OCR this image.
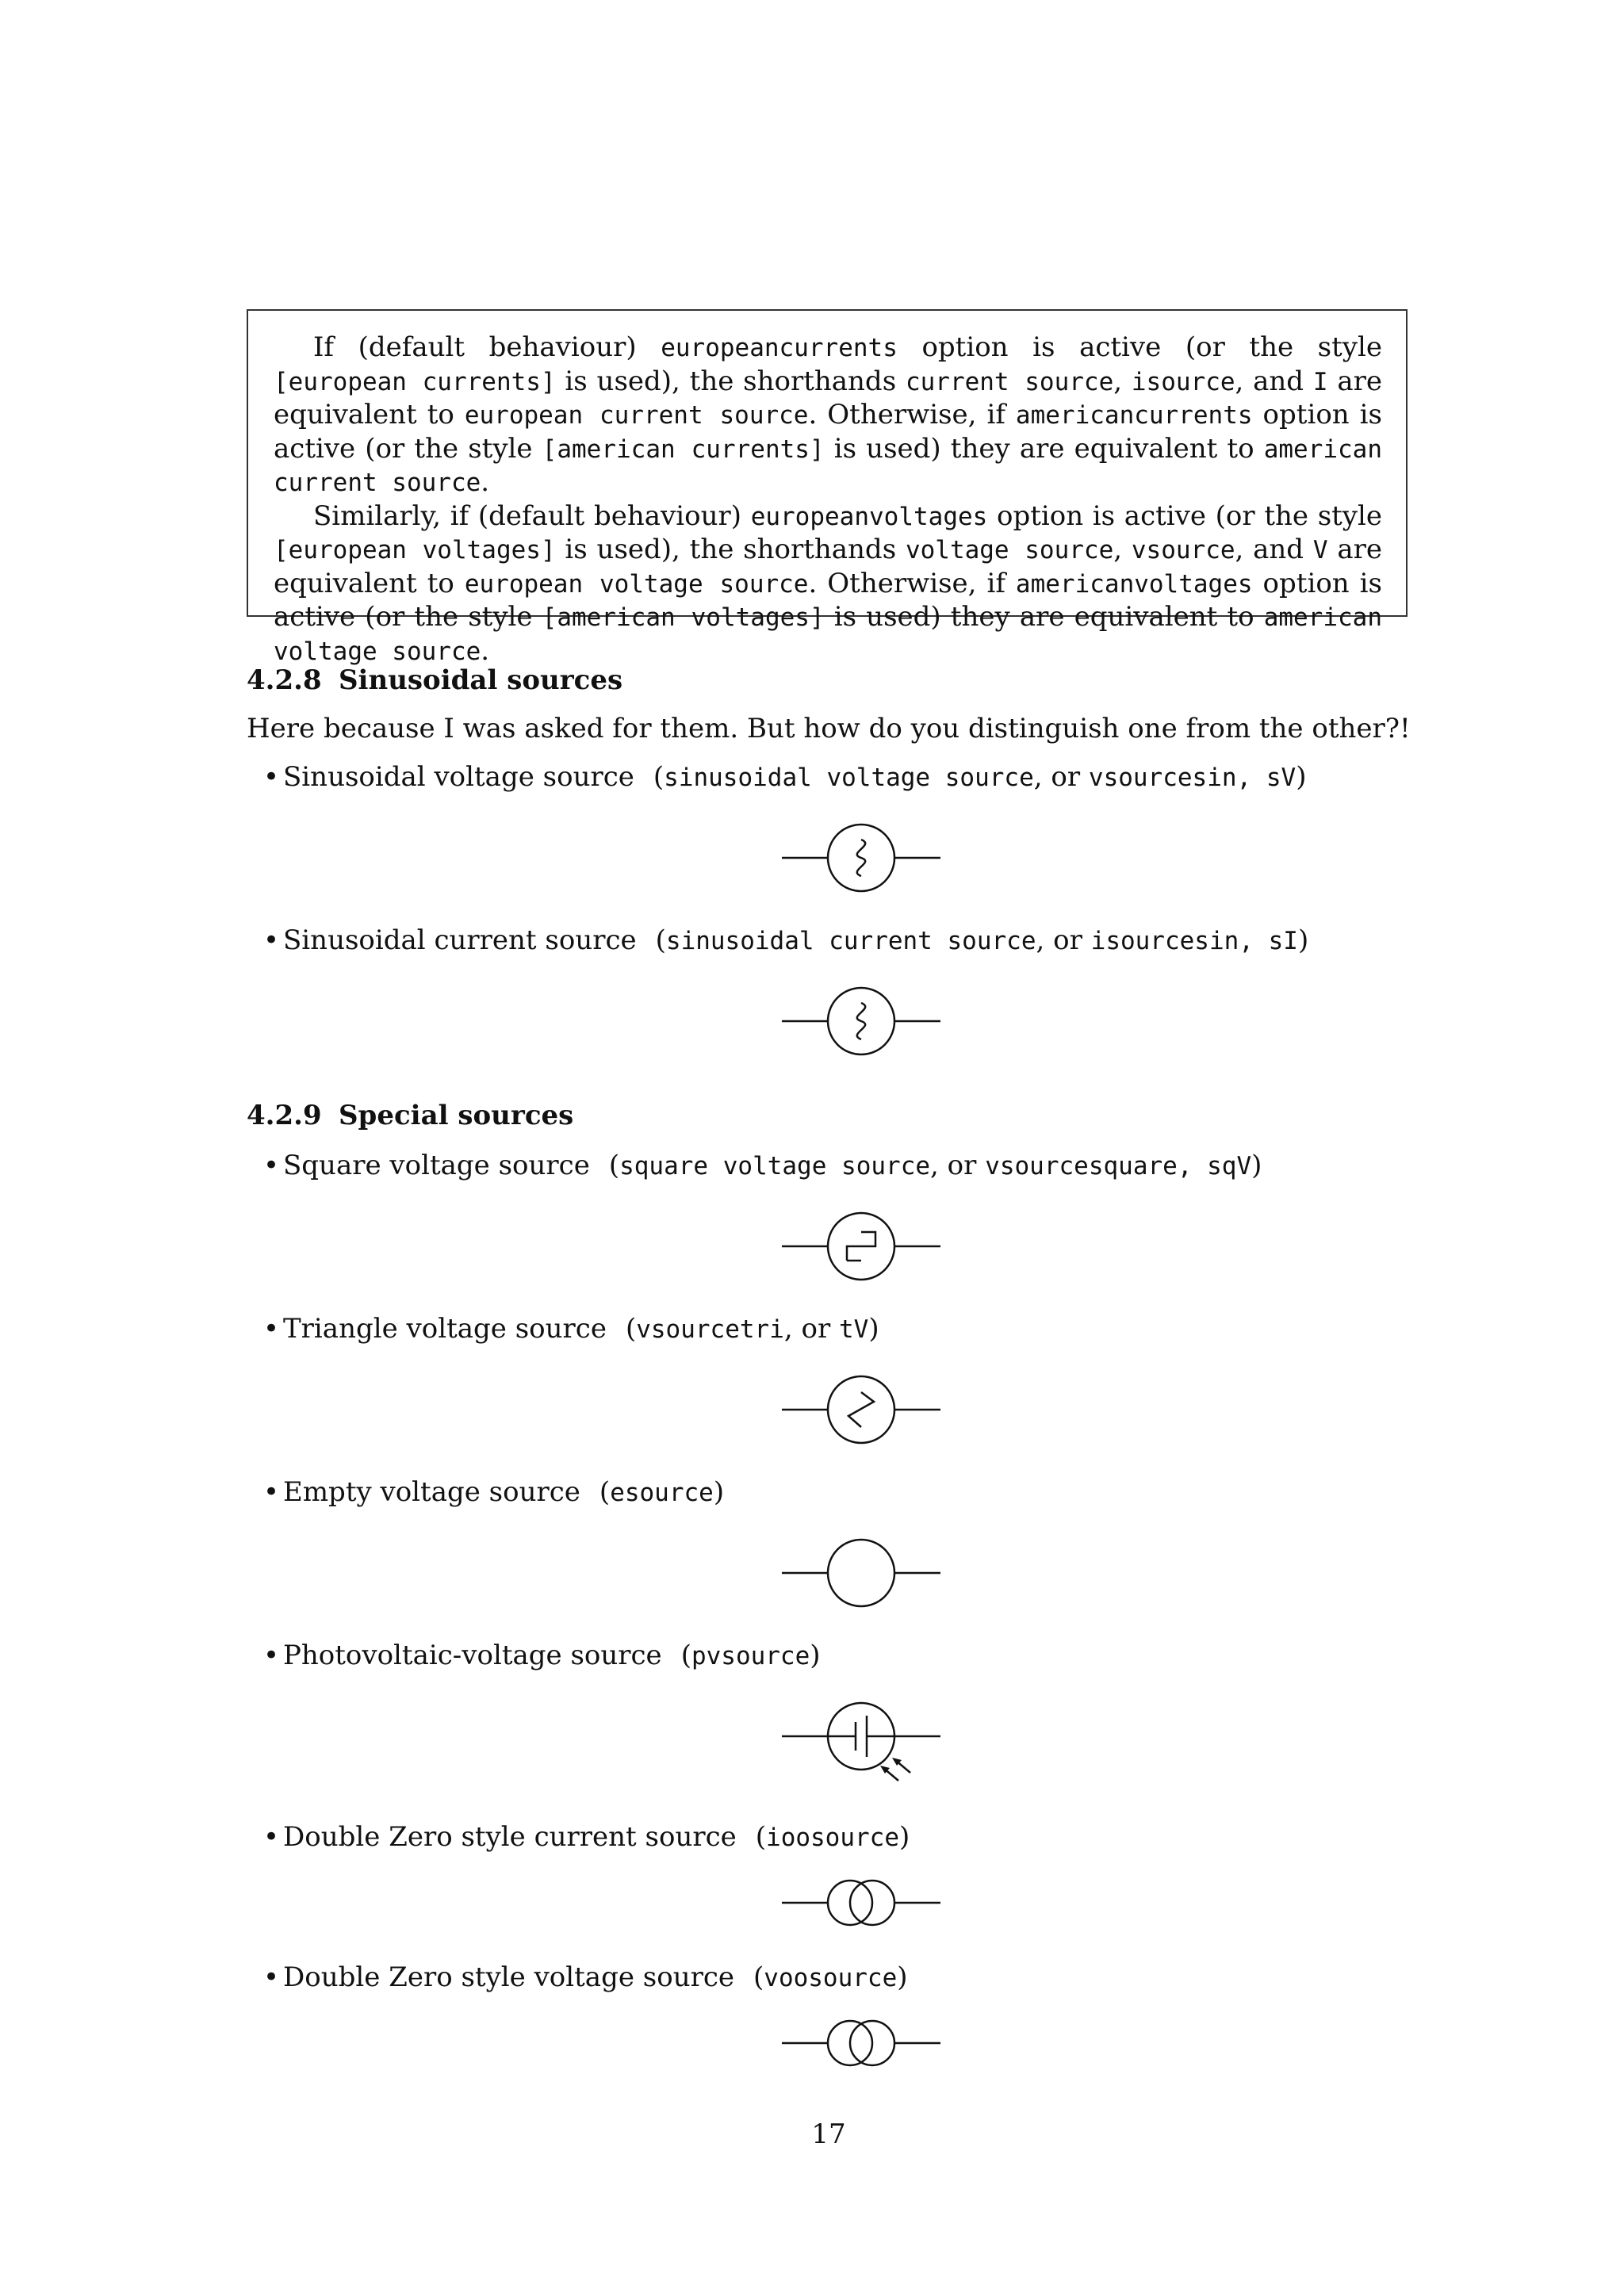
If (default behaviour) europeancurrents option is active (or the style [european currents] is used), the shorthands current source, isource, and I are equivalent to european current source. Otherwise, if americancurrents option is active (or the style [american currents] is used) they are equivalent to american current source.

Similarly, if (default behaviour) europeanvoltages option is active (or the style [european voltages] is used), the shorthands voltage source, vsource, and V are equivalent to european voltage source. Otherwise, if americanvoltages option is active (or the style [american voltages] is used) they are equivalent to american voltage source.

4.2.8 Sinusoidal sources
Here because I was asked for them. But how do you distinguish one from the other?!
• Sinusoidal voltage source (sinusoidal voltage source, or vsourcesin, sV)
• Sinusoidal current source (sinusoidal current source, or isourcesin, sI)
4.2.9 Special sources
• Square voltage source (square voltage source, or vsourcesquare, sqV)
• Triangle voltage source (vsourcetri, or tV)
• Empty voltage source (esource)
• Photovoltaic-voltage source (pvsource)
• Double Zero style current source (ioosource)
• Double Zero style voltage source (voosource)
17
